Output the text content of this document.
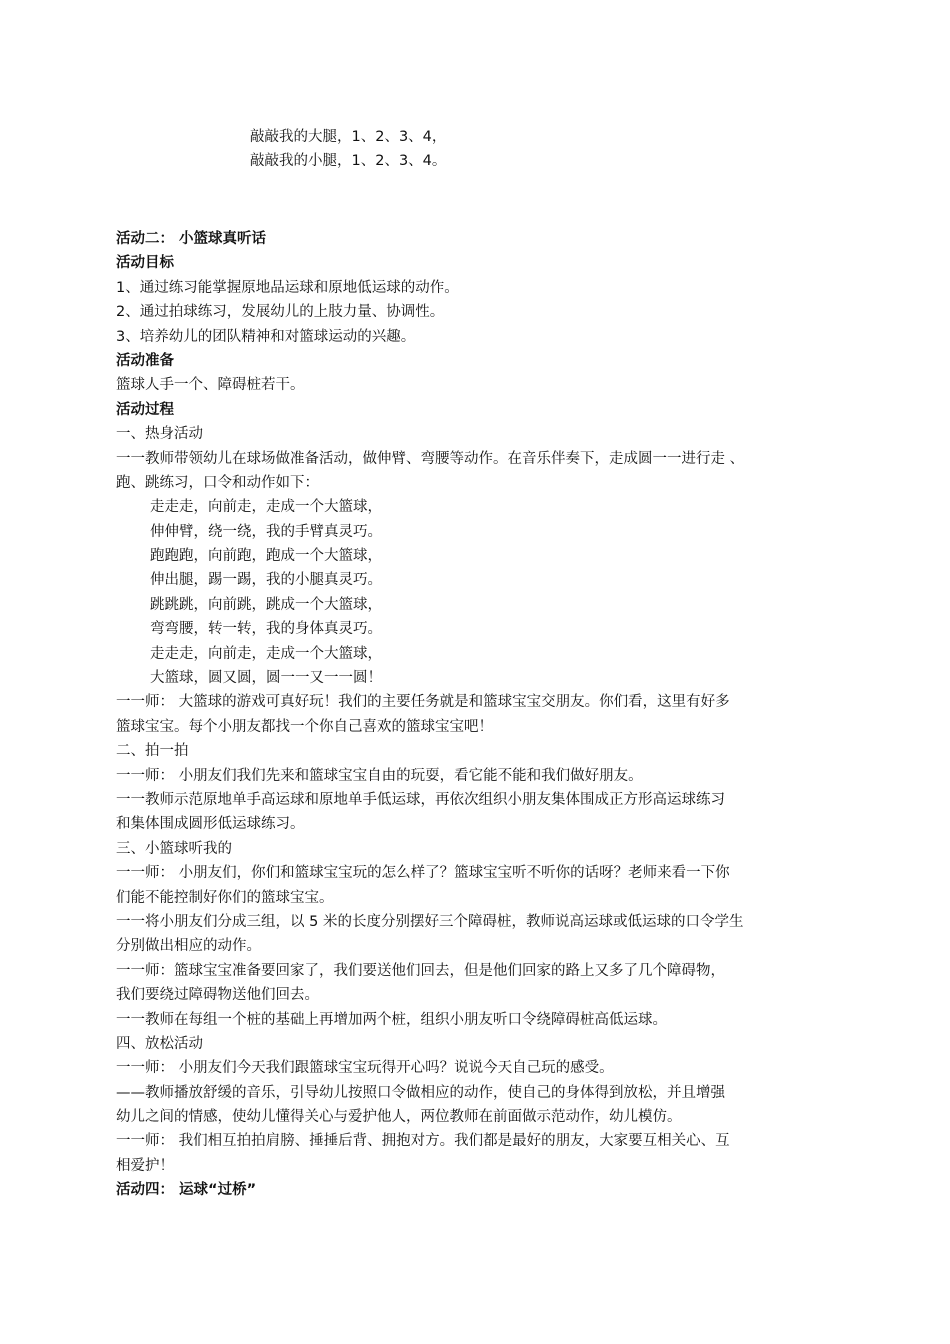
敲敲我的大腿，1、2、3、4，
敲敲我的小腿，1、2、3、4。
活动二： 小篮球真听话
活动目标
1、通过练习能掌握原地品运球和原地低运球的动作。
2、通过拍球练习，发展幼儿的上肢力量、协调性。
3、培养幼儿的团队精神和对篮球运动的兴趣。
活动准备
篮球人手一个、障碍桩若干。
活动过程
一、热身活动
一一教师带领幼儿在球场做准备活动，做伸臂、弯腰等动作。在音乐伴奏下，走成圆一一进行走 、
跑、跳练习，口令和动作如下：
走走走，向前走，走成一个大篮球，
伸伸臂，绕一绕，我的手臂真灵巧。
跑跑跑，向前跑，跑成一个大篮球，
伸出腿，踢一踢，我的小腿真灵巧。
跳跳跳，向前跳，跳成一个大篮球，
弯弯腰，转一转，我的身体真灵巧。
走走走，向前走，走成一个大篮球，
大篮球，圆又圆，圆一一又一一圆！
一一师： 大篮球的游戏可真好玩！我们的主要任务就是和篮球宝宝交朋友。你们看，这里有好多
篮球宝宝。每个小朋友都找一个你自己喜欢的篮球宝宝吧！
二、拍一拍
一一师： 小朋友们我们先来和篮球宝宝自由的玩耍，看它能不能和我们做好朋友。
一一教师示范原地单手高运球和原地单手低运球，再依次组织小朋友集体围成正方形高运球练习
和集体围成圆形低运球练习。
三、小篮球听我的
一一师： 小朋友们，你们和篮球宝宝玩的怎么样了？篮球宝宝听不听你的话呀？老师来看一下你
们能不能控制好你们的篮球宝宝。
一一将小朋友们分成三组，以 5 米的长度分别摆好三个障碍桩，教师说高运球或低运球的口令学生
分别做出相应的动作。
一一师：篮球宝宝准备要回家了，我们要送他们回去，但是他们回家的路上又多了几个障碍物，
我们要绕过障碍物送他们回去。
一一教师在每组一个桩的基础上再增加两个桩，组织小朋友听口令绕障碍桩高低运球。
四、放松活动
一一师： 小朋友们今天我们跟篮球宝宝玩得开心吗？说说今天自己玩的感受。
——教师播放舒缓的音乐，引导幼儿按照口令做相应的动作，使自己的身体得到放松，并且增强
幼儿之间的情感，使幼儿懂得关心与爱护他人，两位教师在前面做示范动作，幼儿模仿。
一一师： 我们相互拍拍肩膀、捶捶后背、拥抱对方。我们都是最好的朋友，大家要互相关心、互
相爱护！
活动四： 运球“过桥”
